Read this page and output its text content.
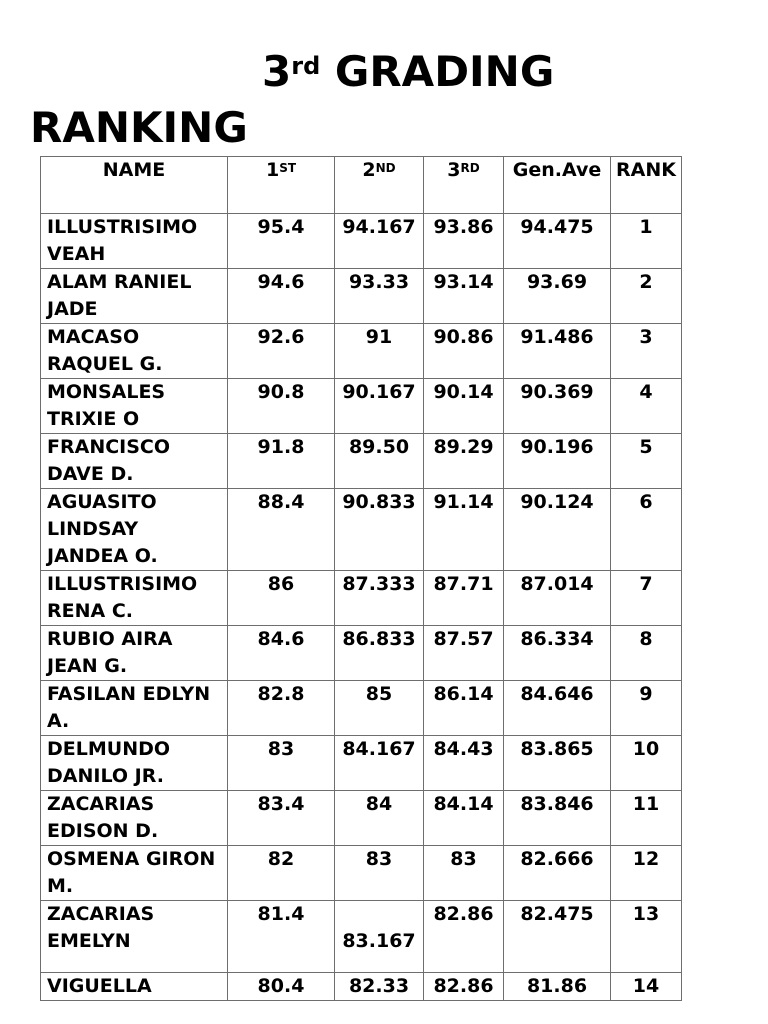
3rd GRADING
RANKING
NAME	1ST	2ND	3RD	Gen.Ave	RANK
ILLUSTRISIMO VEAH	95.4	94.167	93.86	94.475	1
ALAM RANIEL JADE	94.6	93.33	93.14	93.69	2
MACASO RAQUEL G.	92.6	91	90.86	91.486	3
MONSALES TRIXIE O	90.8	90.167	90.14	90.369	4
FRANCISCO DAVE D.	91.8	89.50	89.29	90.196	5
AGUASITO LINDSAY JANDEA O.	88.4	90.833	91.14	90.124	6
ILLUSTRISIMO RENA C.	86	87.333	87.71	87.014	7
RUBIO AIRA JEAN G.	84.6	86.833	87.57	86.334	8
FASILAN EDLYN A.	82.8	85	86.14	84.646	9
DELMUNDO DANILO JR.	83	84.167	84.43	83.865	10
ZACARIAS EDISON D.	83.4	84	84.14	83.846	11
OSMENA GIRON M.	82	83	83	82.666	12
ZACARIAS EMELYN	81.4	83.167	82.86	82.475	13
VIGUELLA	80.4	82.33	82.86	81.86	14
